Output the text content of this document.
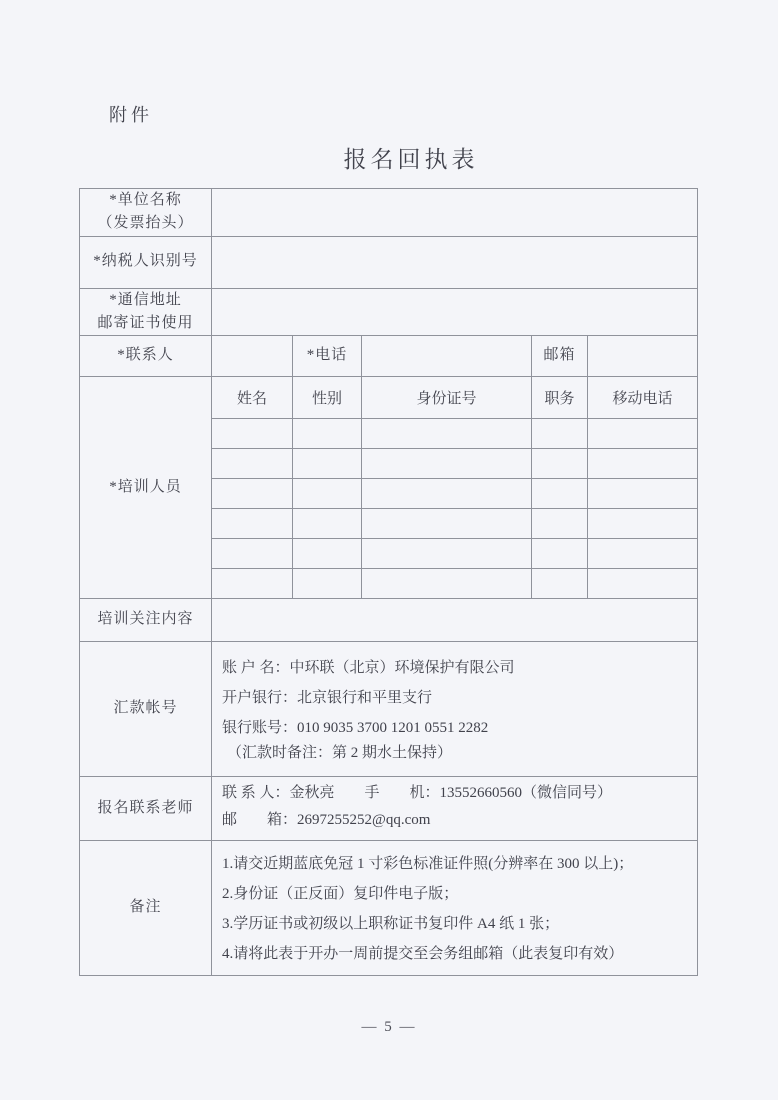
附件
报名回执表
*单位名称
（发票抬头）					

*纳税人识别号					

*通信地址
邮寄证书使用					

*联系人		*电话		邮箱	
*培训人员	姓名	性别	身份证号	职务	移动电话

培训关注内容					
汇款帐号	账 户 名：中环联（北京）环境保护有限公司
开户银行：北京银行和平里支行
银行账号：010 9035 3700 1201 0551 2282
（汇款时备注：第 2 期水土保持）				

报名联系老师	联 系 人：金秋亮　　手　　机：13552660560（微信同号）
邮　　箱：2697255252@qq.com				

备注	1.请交近期蓝底免冠 1 寸彩色标准证件照(分辨率在 300 以上)；
2.身份证（正反面）复印件电子版；
3.学历证书或初级以上职称证书复印件 A4 纸 1 张；
4.请将此表于开办一周前提交至会务组邮箱（此表复印有效）				
— 5 —
